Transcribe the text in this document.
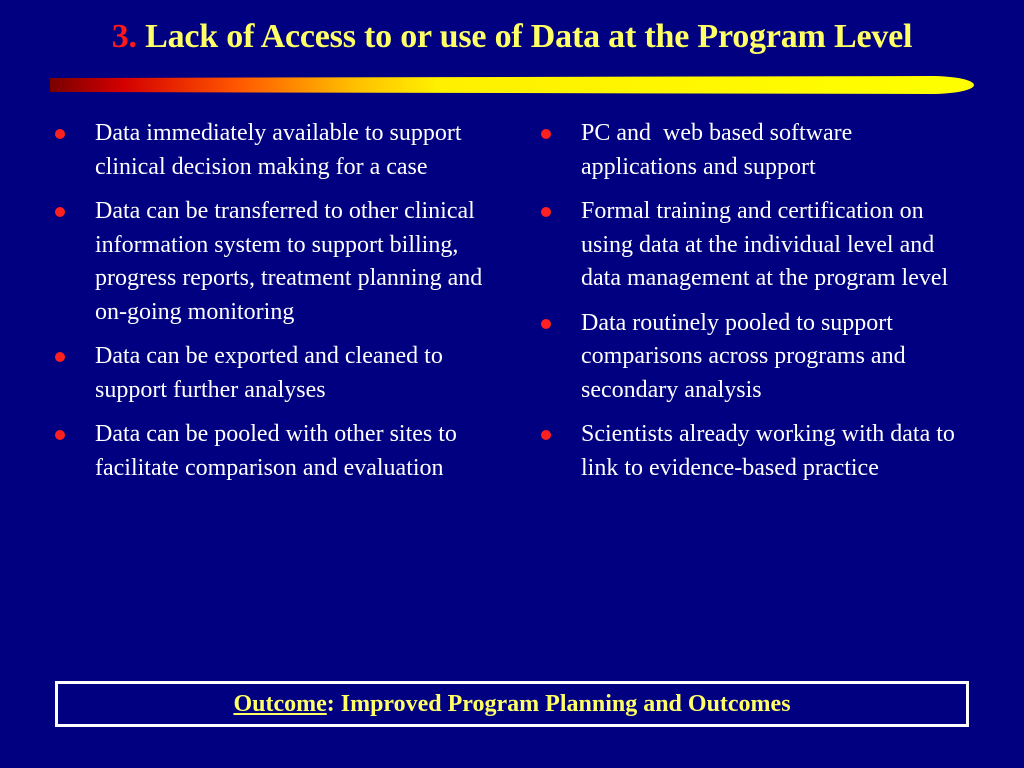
3. Lack of Access to or use of Data at the Program Level
Data immediately available to support clinical decision making for a case
Data can be transferred to other clinical information system to support billing, progress reports, treatment planning and on-going monitoring
Data can be exported and cleaned to support further analyses
Data can be pooled with other sites to facilitate comparison and evaluation
PC and  web based software applications and support
Formal training and certification on using data at the individual level and data management at the program level
Data routinely pooled to support comparisons across programs and secondary analysis
Scientists already working with data to link to evidence-based practice
Outcome: Improved Program Planning and Outcomes
